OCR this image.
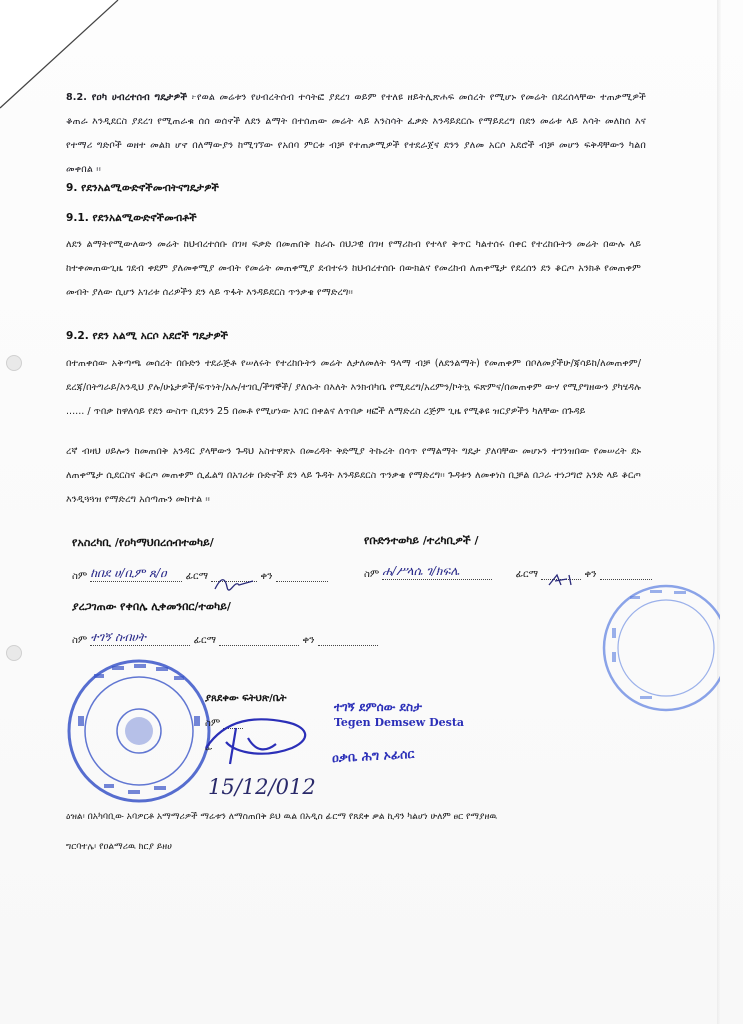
8.2. የዐካ ሀብረተሰብ ግዴታዎች ፦የወል መሬቱን የሀብረትሰብ ተሳትፎ ያደረገ ወይም የተለዩ ዘይትሊጽሐፍ መሰረት የሚሆኑ የመሬት በደረሰላቸው ተጠቃሚዎች ቆጠራ እንዲደርስ ያደረገ የሚጠራቁ ሰሰ ወሰኖች ለደን ልማት በተሰጠው መሬት ላይ እንስሳት ፈቃድ እንዳይደርሱ የማይደረግ በደን መሬቱ ላይ እሳት መለከሰ እና የተማሪ ግድቦች ወዘተ መልክ ሆኖ በለማውያን ከሚገኘው የአበባ ምርቱ ብቻ የተጠቃሚዎች የተደራጀና ደንን ያለመ አርሶ አደሮች ብቻ መሆን ፍቅዳቸውን ካልበ መቀበል ፡፡
9. የደንአልሚውድኖችመብትናግዴታዎች
9.1. የደንአልሚውድኖችመብቶች
ለደን ልማትየሚውለውን መሬት ከህብረተሰቡ በገዛ ፍቃድ በመጠበቅ ከራሱ በህጋዊ በገዛ የማሪከብ የተላየ ቅጥር ካልተሰሩ በቀር የተረከቡትን መሬት በውሉ ላይ ከተቀመጠውጊዜ ገደብ ቀደም ያለመቀሚያ መብት የመሬት መጠቀሚያ ደብተሩን ከህብረተሰቡ በውክልና የመረከብ ለጠቀሜታ የደረሰን ደን ቆርጦ አንክቶ የመጠቀም መብት ያለው ሲሆን አገሪቱ ሰሪዎችን ደን ላይ ጥፋት እንዳይደርስ ጥንቃቄ የማድረግ፡፡
9.2. የደን አልሚ አርሶ አደሮች ግዴታዎች
በተጠቀሰው አቅጣጫ መሰረት በቡድን ተደራጅቶ የሠለሩት የተረከቡትን መሬት ለታለመለት ዓላማ ብቻ (ለደንልማት) የመጠቀም በቦለመያችሁ/ጃሳይከ/ለመጠቀም/ደረጃ/በትግራይ/እንዲህ ያሉ/ሁኔታዎች/ፍጥነት/አሉ/ተገቢ/ችግኞች/ ያለሱት በእለት እንክብካቤ የሚደረግ/አረምን/ኮትኳ ፍጽምና/በመጠቀም ውሃ የሚያግዘውን ያካሄዳሉ ...... / ጥበቃ ከዋለሳይ የደን ውስጥ ቢደንን 25 በመቶ የሚሆነው አገር በቀልና ለጥበቃ ዛፎች ለማድረስ ረጅም ጊዜ የሚቆዩ ዝርያዎችን ካለቸው በጉዳይ
ረኛ ብዛህ ሀይሎን ከመጠበቅ አንዳር ያላቸውን ጉዳህ አስተዋጽኦ በመረዳት ቅድሚያ ትኩረት በሳጥ የማልማት ግዴታ ያለባቸው መሆኑን ተገንዝበው የመሠረት ደኑ ለጠቀሜታ ሲደርስና ቆርጦ መጠቀም ሲፈልግ በአገሪቱ ቡድኖች ደን ላይ ጉዳት እንዳይደርስ ጥንቃቄ የማድረግ፡፡ ጉዳቱን ለመቀነስ ቢቻል በጋራ ተነጋግሮ አንድ ላይ ቆርጦ እንዲጓጓዝ የማድረግ አሰጣጡን መከተል ፡፡
የአስረካቢ /የዐካማህበረሰብተወካይ/	የቡድንተወካይ /ተረካቢዎች /
ስም ከበደ ሀ/ቢም ጸ/ዐ ፊርማ	ቀን	ስም ሐ/ሥላሴ ገ/ክፍሌ	ፊርማ	ቀን
ያረጋገጠው የቀበሌ ሊቀመንበር/ተወካይ/
ስም ተገኝ ስብሀት	ፊርማ	ቀን
ያጸደቀው ፍትህጽ/ቤት
ስም
ፊ
ተገኝ ደምሰው ደስታ
Tegen Demsew Desta
ዐቃቤ ሕግ ኦፊሰር
15/12/012
ዕዝል፡ በአካባቢው አባዎርቶ አማማሪዎች ማሬቱን ለማስጠበቅ ይህ ዉል በአዲስ ፊርማ የጸደቀ ቃል ኪዳን ካልሆነ ሁለም ፀር የማያዘዉ
ግርባተሌ፡ የዐልማሪዉ ክርያ ይዘሀ
